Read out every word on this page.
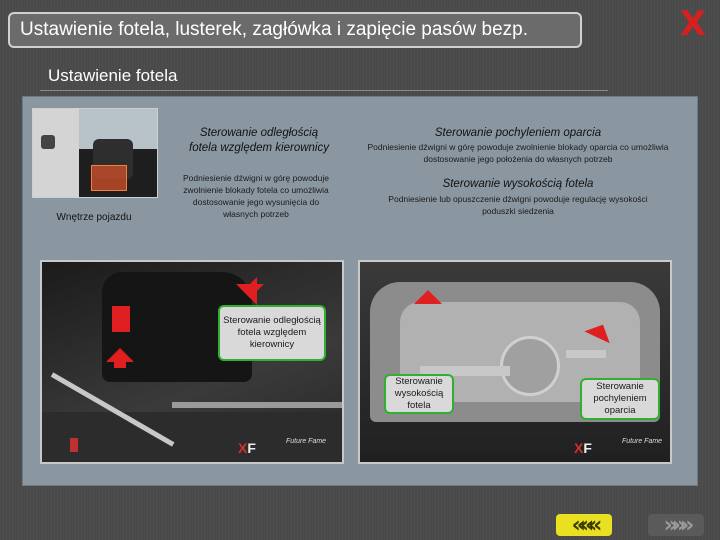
Ustawienie fotela, lusterek, zagłówka i zapięcie pasów bezp.	X
Ustawienie fotela
Wnętrze pojazdu
Sterowanie odległością fotela względem kierownicy
Podniesienie dźwigni w górę powoduje zwolnienie blokady fotela co umożliwia dostosowanie jego wysunięcia do własnych potrzeb
Sterowanie pochyleniem oparcia
Podniesienie dźwigni w górę powoduje zwolnienie blokady oparcia co umożliwia dostosowanie jego położenia do własnych potrzeb
Sterowanie wysokością fotela
Podniesienie lub opuszczenie dźwigni powoduje regulację wysokości poduszki siedzenia
XF	Future Fame	XF	Future Fame
Sterowanie odległością fotela względem kierownicy
Sterowanie wysokością fotela
Sterowanie pochyleniem oparcia
«««	»»»
